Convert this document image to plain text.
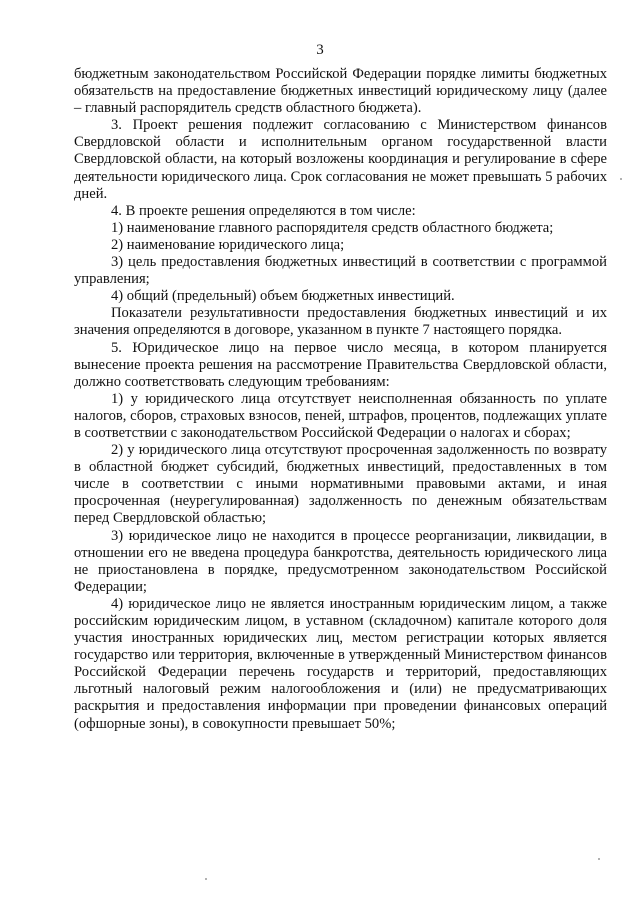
3

бюджетным законодательством Российской Федерации порядке лимиты бюджетных обязательств на предоставление бюджетных инвестиций юридическому лицу (далее – главный распорядитель средств областного бюджета).

3. Проект решения подлежит согласованию с Министерством финансов Свердловской области и исполнительным органом государственной власти Свердловской области, на который возложены координация и регулирование в сфере деятельности юридического лица. Срок согласования не может превышать 5 рабочих дней.

4. В проекте решения определяются в том числе:

1) наименование главного распорядителя средств областного бюджета;

2) наименование юридического лица;

3) цель предоставления бюджетных инвестиций в соответствии с программой управления;

4) общий (предельный) объем бюджетных инвестиций.

Показатели результативности предоставления бюджетных инвестиций и их значения определяются в договоре, указанном в пункте 7 настоящего порядка.

5. Юридическое лицо на первое число месяца, в котором планируется вынесение проекта решения на рассмотрение Правительства Свердловской области, должно соответствовать следующим требованиям:

1) у юридического лица отсутствует неисполненная обязанность по уплате налогов, сборов, страховых взносов, пеней, штрафов, процентов, подлежащих уплате в соответствии с законодательством Российской Федерации о налогах и сборах;

2) у юридического лица отсутствуют просроченная задолженность по возврату в областной бюджет субсидий, бюджетных инвестиций, предоставленных в том числе в соответствии с иными нормативными правовыми актами, и иная просроченная (неурегулированная) задолженность по денежным обязательствам перед Свердловской областью;

3) юридическое лицо не находится в процессе реорганизации, ликвидации, в отношении его не введена процедура банкротства, деятельность юридического лица не приостановлена в порядке, предусмотренном законодательством Российской Федерации;

4) юридическое лицо не является иностранным юридическим лицом, а также российским юридическим лицом, в уставном (складочном) капитале которого доля участия иностранных юридических лиц, местом регистрации которых является государство или территория, включенные в утвержденный Министерством финансов Российской Федерации перечень государств и территорий, предоставляющих льготный налоговый режим налогообложения и (или) не предусматривающих раскрытия и предоставления информации при проведении финансовых операций (офшорные зоны), в совокупности превышает 50%;
